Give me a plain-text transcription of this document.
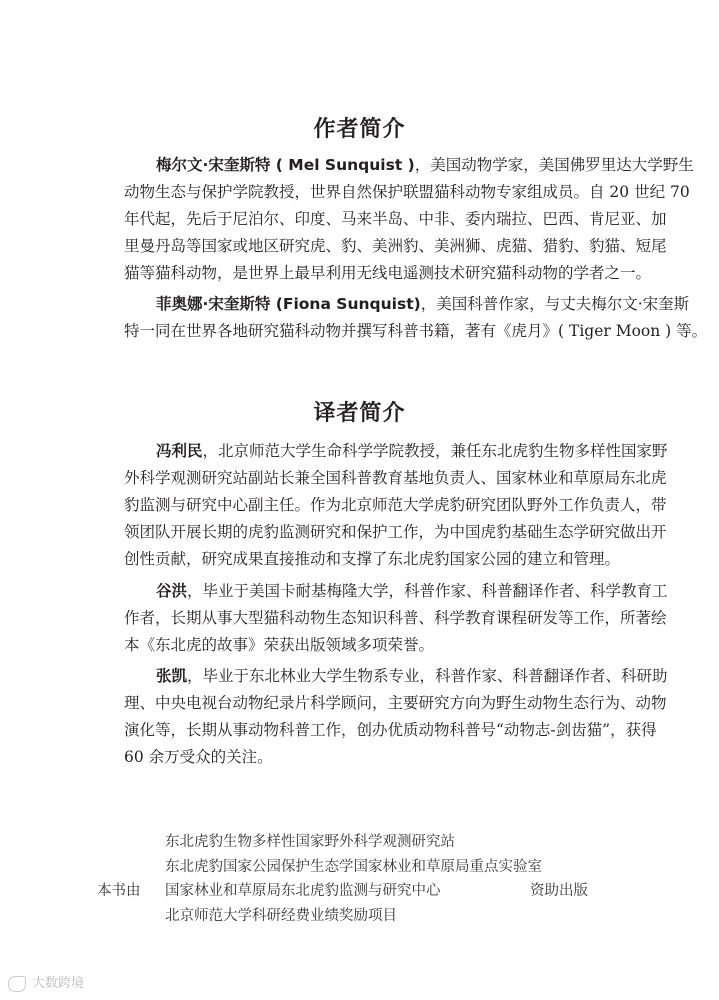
作者简介
梅尔文·宋奎斯特 ( Mel Sunquist )，美国动物学家，美国佛罗里达大学野生
动物生态与保护学院教授，世界自然保护联盟猫科动物专家组成员。自 20 世纪 70
年代起，先后于尼泊尔、印度、马来半岛、中非、委内瑞拉、巴西、肯尼亚、加
里曼丹岛等国家或地区研究虎、豹、美洲豹、美洲狮、虎猫、猎豹、豹猫、短尾
猫等猫科动物，是世界上最早利用无线电遥测技术研究猫科动物的学者之一。
菲奥娜·宋奎斯特 (Fiona Sunquist)，美国科普作家，与丈夫梅尔文·宋奎斯
特一同在世界各地研究猫科动物并撰写科普书籍，著有《虎月》( Tiger Moon ) 等。
译者简介
冯利民，北京师范大学生命科学学院教授，兼任东北虎豹生物多样性国家野
外科学观测研究站副站长兼全国科普教育基地负责人、国家林业和草原局东北虎
豹监测与研究中心副主任。作为北京师范大学虎豹研究团队野外工作负责人，带
领团队开展长期的虎豹监测研究和保护工作，为中国虎豹基础生态学研究做出开
创性贡献，研究成果直接推动和支撑了东北虎豹国家公园的建立和管理。
谷洪，毕业于美国卡耐基梅隆大学，科普作家、科普翻译作者、科学教育工
作者，长期从事大型猫科动物生态知识科普、科学教育课程研发等工作，所著绘
本《东北虎的故事》荣获出版领域多项荣誉。
张凯，毕业于东北林业大学生物系专业，科普作家、科普翻译作者、科研助
理、中央电视台动物纪录片科学顾问，主要研究方向为野生动物生态行为、动物
演化等，长期从事动物科普工作，创办优质动物科普号“动物志-剑齿猫”，获得
60 余万受众的关注。
本书由
东北虎豹生物多样性国家野外科学观测研究站
东北虎豹国家公园保护生态学国家林业和草原局重点实验室
国家林业和草原局东北虎豹监测与研究中心
北京师范大学科研经费业绩奖励项目
资助出版
大数跨境
